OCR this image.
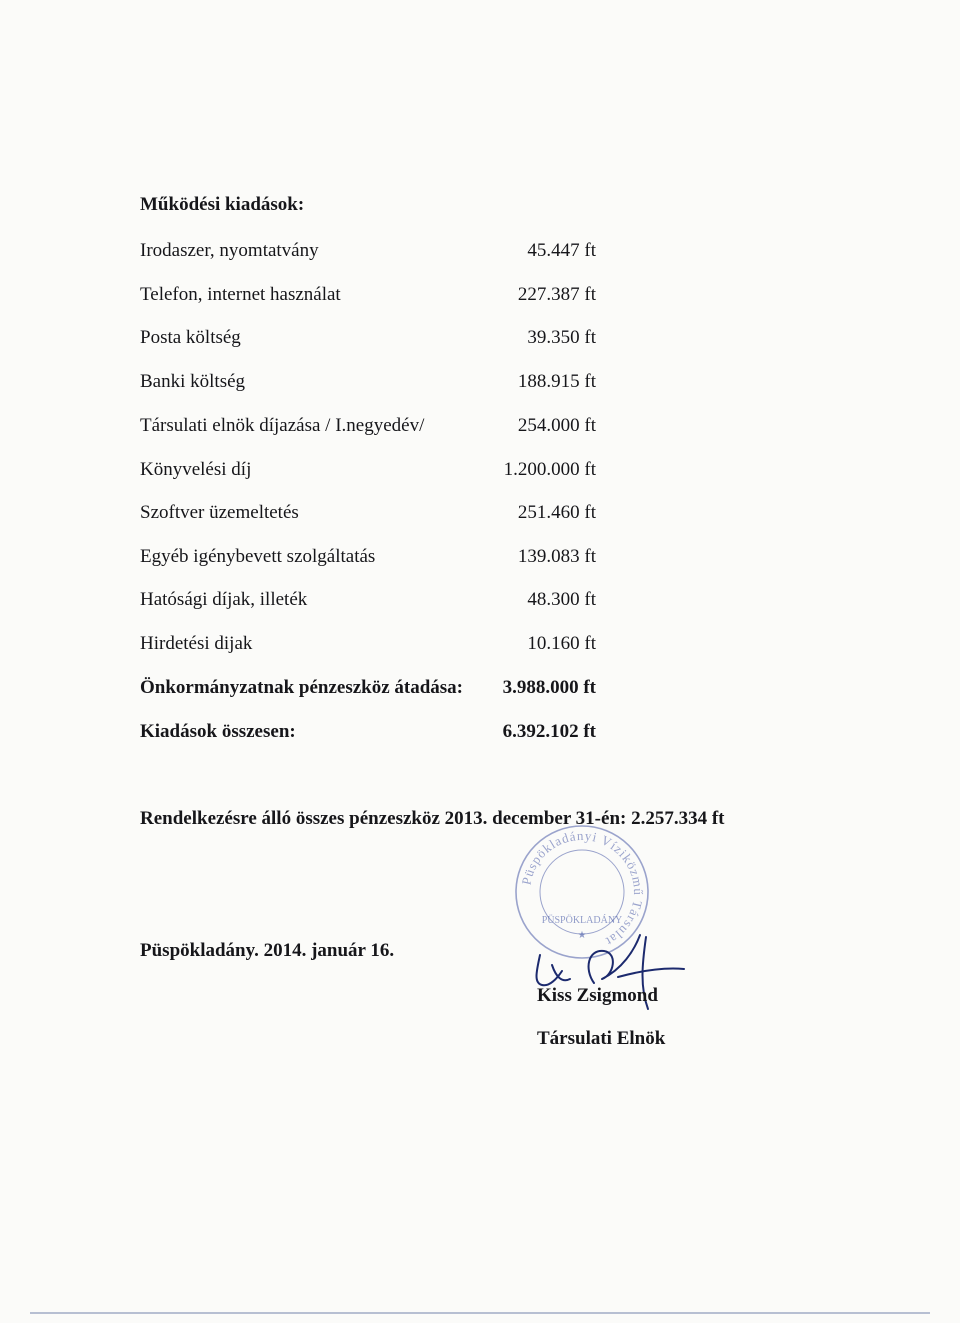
Működési kiadások:
Irodaszer, nyomtatvány	45.447 ft
Telefon, internet használat	227.387 ft
Posta költség	39.350 ft
Banki költség	188.915 ft
Társulati elnök díjazása / I.negyedév/	254.000 ft
Könyvelési díj	1.200.000 ft
Szoftver üzemeltetés	251.460 ft
Egyéb igénybevett szolgáltatás	139.083 ft
Hatósági díjak, illeték	48.300 ft
Hirdetési dijak	10.160 ft
Önkormányzatnak pénzeszköz átadása:	3.988.000 ft
Kiadások összesen:	6.392.102 ft
Rendelkezésre álló összes pénzeszköz 2013. december 31-én: 2.257.334 ft
Püspökladányi Víziközmű Társulat
PÜSPÖKLADÁNY
★
Püspökladány. 2014. január 16.
Kiss Zsigmond
Társulati Elnök
